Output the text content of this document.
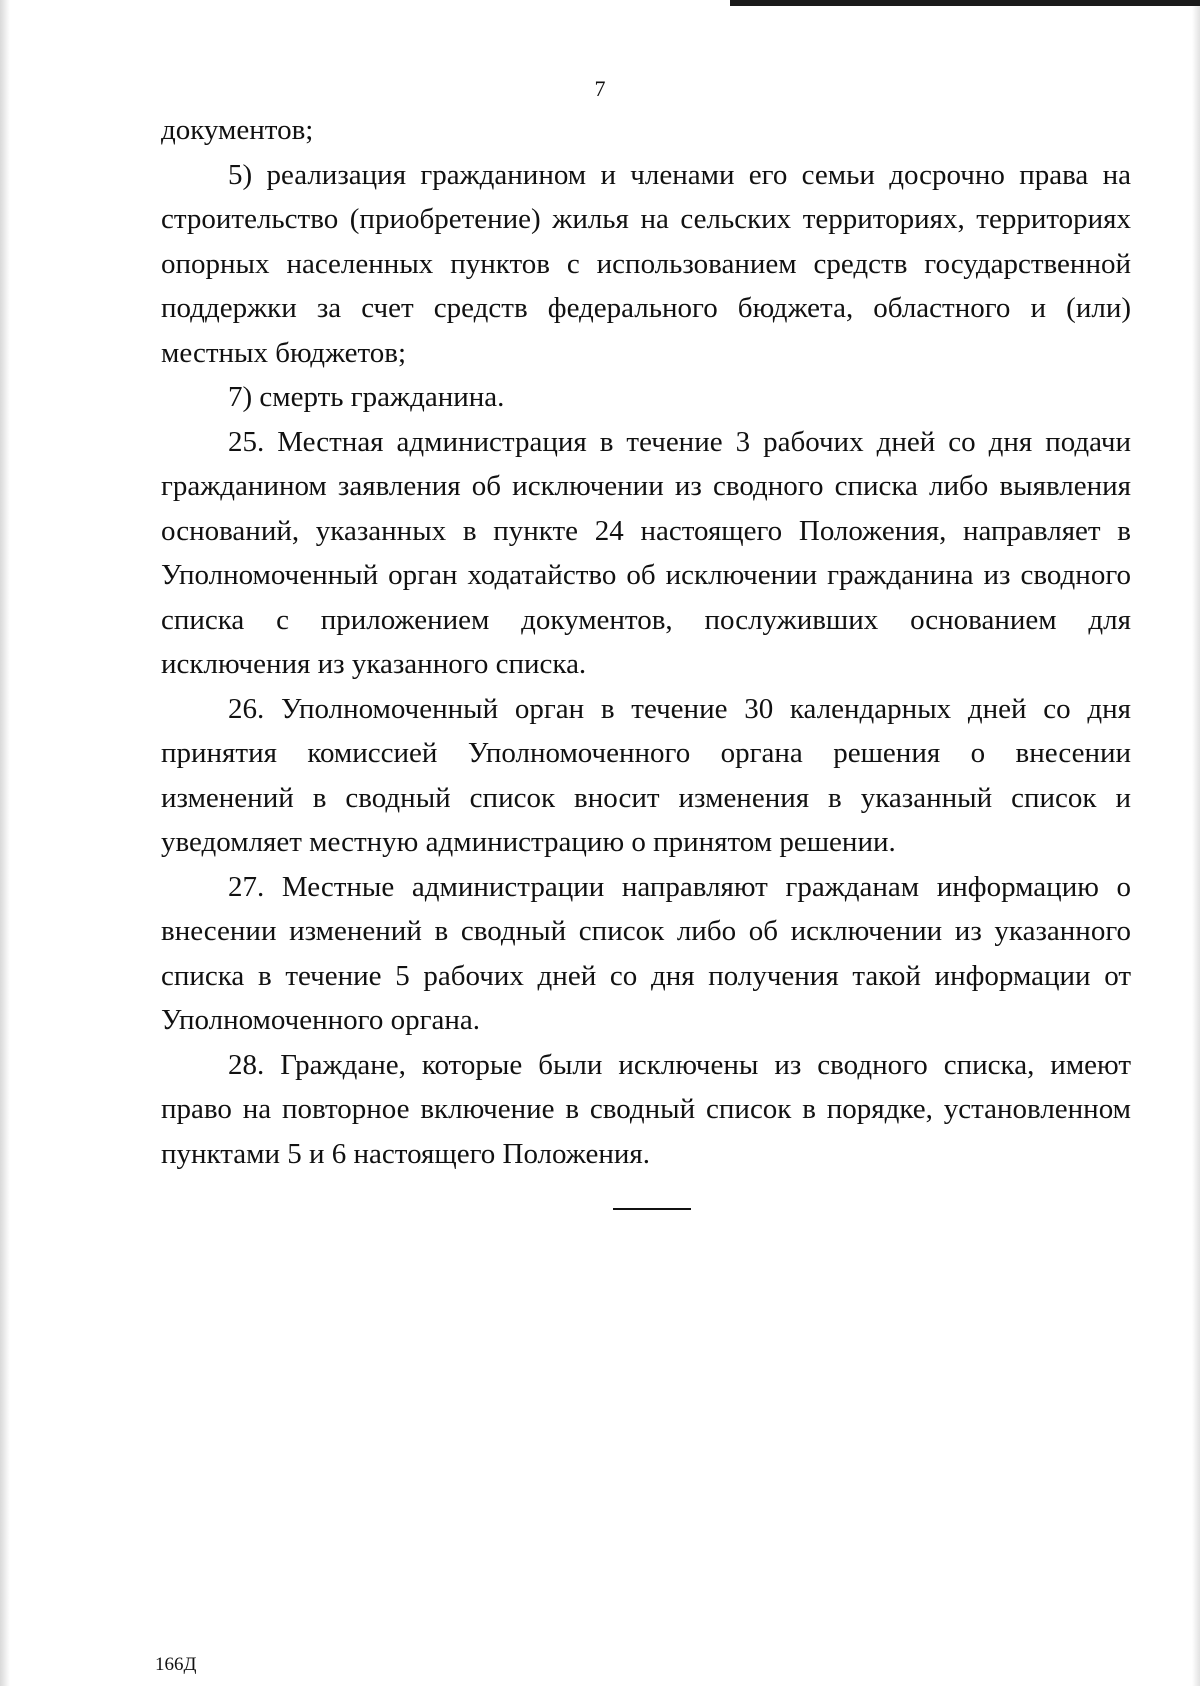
7

документов;

5) реализация гражданином и членами его семьи досрочно права на строительство (приобретение) жилья на сельских территориях, территориях опорных населенных пунктов с использованием средств государственной поддержки за счет средств федерального бюджета, областного и (или) местных бюджетов;

7) смерть гражданина.

25. Местная администрация в течение 3 рабочих дней со дня подачи гражданином заявления об исключении из сводного списка либо выявления оснований, указанных в пункте 24 настоящего Положения, направляет в Уполномоченный орган ходатайство об исключении гражданина из сводного списка с приложением документов, послуживших основанием для исключения из указанного списка.

26. Уполномоченный орган в течение 30 календарных дней со дня принятия комиссией Уполномоченного органа решения о внесении изменений в сводный список вносит изменения в указанный список и уведомляет местную администрацию о принятом решении.

27. Местные администрации направляют гражданам информацию о внесении изменений в сводный список либо об исключении из указанного списка в течение 5 рабочих дней со дня получения такой информации от Уполномоченного органа.

28. Граждане, которые были исключены из сводного списка, имеют право на повторное включение в сводный список в порядке, установленном пунктами 5 и 6 настоящего Положения.

166Д
